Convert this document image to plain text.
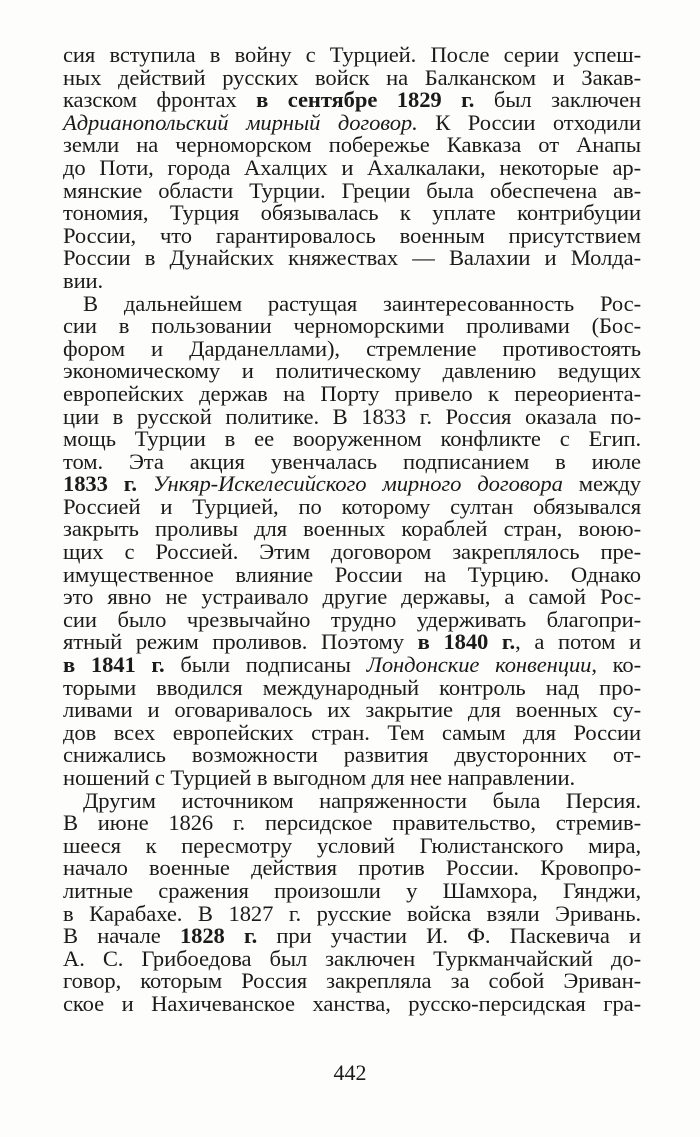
сия вступила в войну с Турцией. После серии успеш-
ных действий русских войск на Балканском и Закав-
казском фронтах в сентябре 1829 г. был заключен
Адрианопольский мирный договор. К России отходили
земли на черноморском побережье Кавказа от Анапы
до Поти, города Ахалцих и Ахалкалаки, некоторые ар-
мянские области Турции. Греции была обеспечена ав-
тономия, Турция обязывалась к уплате контрибуции
России, что гарантировалось военным присутствием
России в Дунайских княжествах — Валахии и Молда-
вии.
В дальнейшем растущая заинтересованность Рос-
сии в пользовании черноморскими проливами (Бос-
фором и Дарданеллами), стремление противостоять
экономическому и политическому давлению ведущих
европейских держав на Порту привело к переориента-
ции в русской политике. В 1833 г. Россия оказала по-
мощь Турции в ее вооруженном конфликте с Егип.
том. Эта акция увенчалась подписанием в июле
1833 г. Ункяр-Искелесийского мирного договора между
Россией и Турцией, по которому султан обязывался
закрыть проливы для военных кораблей стран, воюю-
щих с Россией. Этим договором закреплялось пре-
имущественное влияние России на Турцию. Однако
это явно не устраивало другие державы, а самой Рос-
сии было чрезвычайно трудно удерживать благопри-
ятный режим проливов. Поэтому в 1840 г., а потом и
в 1841 г. были подписаны Лондонские конвенции, ко-
торыми вводился международный контроль над про-
ливами и оговаривалось их закрытие для военных су-
дов всех европейских стран. Тем самым для России
снижались возможности развития двусторонних от-
ношений с Турцией в выгодном для нее направлении.
Другим источником напряженности была Персия.
В июне 1826 г. персидское правительство, стремив-
шееся к пересмотру условий Гюлистанского мира,
начало военные действия против России. Кровопро-
литные сражения произошли у Шамхора, Гянджи,
в Карабахе. В 1827 г. русские войска взяли Эривань.
В начале 1828 г. при участии И. Ф. Паскевича и
А. С. Грибоедова был заключен Туркманчайский до-
говор, которым Россия закрепляла за собой Эриван-
ское и Нахичеванское ханства, русско-персидская гра-
442
